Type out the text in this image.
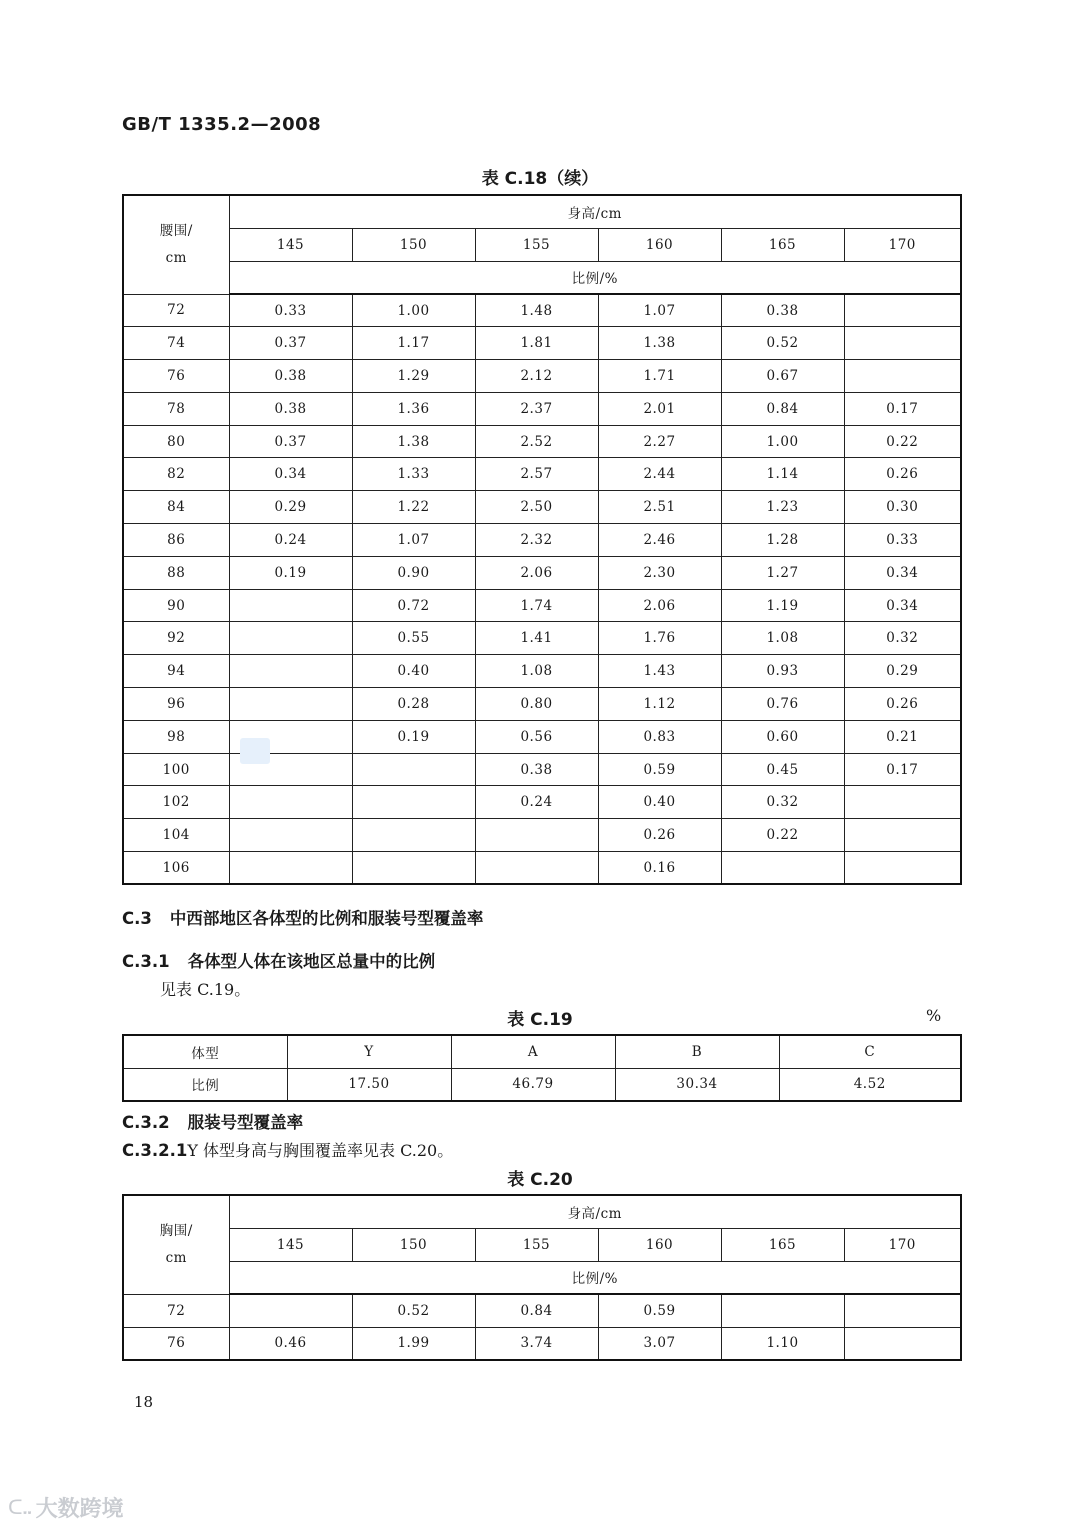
GB/T 1335.2—2008
表 C.18（续）
腰围/
cm	身高/cm					
	145	150	155	160	165	170
	比例/%					
72	0.33	1.00	1.48	1.07	0.38	
74	0.37	1.17	1.81	1.38	0.52	
76	0.38	1.29	2.12	1.71	0.67	
78	0.38	1.36	2.37	2.01	0.84	0.17
80	0.37	1.38	2.52	2.27	1.00	0.22
82	0.34	1.33	2.57	2.44	1.14	0.26
84	0.29	1.22	2.50	2.51	1.23	0.30
86	0.24	1.07	2.32	2.46	1.28	0.33
88	0.19	0.90	2.06	2.30	1.27	0.34
90		0.72	1.74	2.06	1.19	0.34
92		0.55	1.41	1.76	1.08	0.32
94		0.40	1.08	1.43	0.93	0.29
96		0.28	0.80	1.12	0.76	0.26
98		0.19	0.56	0.83	0.60	0.21
100			0.38	0.59	0.45	0.17
102			0.24	0.40	0.32	
104				0.26	0.22	
106				0.16		
C.3 中西部地区各体型的比例和服装号型覆盖率
C.3.1 各体型人体在该地区总量中的比例
见表 C.19。
表 C.19	%
体型	Y	A	B	C
比例	17.50	46.79	30.34	4.52
C.3.2 服装号型覆盖率
C.3.2.1Y 体型身高与胸围覆盖率见表 C.20。
表 C.20
胸围/
cm	身高/cm					
	145	150	155	160	165	170
	比例/%					
72		0.52	0.84	0.59		
76	0.46	1.99	3.74	3.07	1.10	
18
ᑕ᎐᎐ 大数跨境
